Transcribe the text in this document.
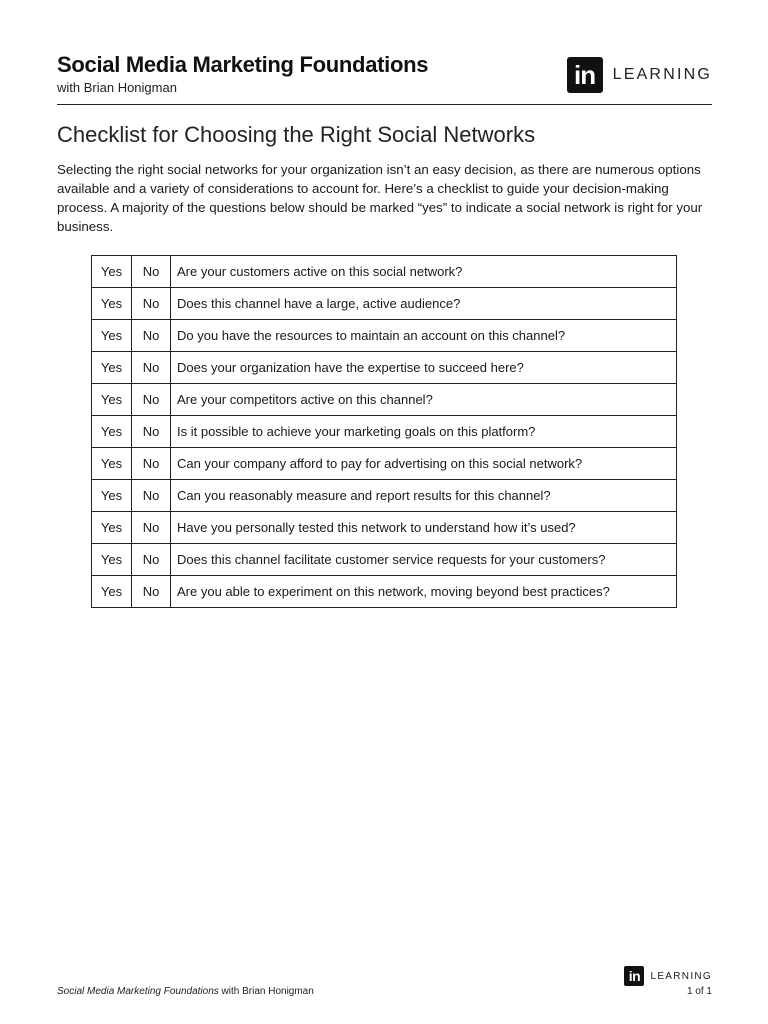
Social Media Marketing Foundations
with Brian Honigman	in	LEARNING
Checklist for Choosing the Right Social Networks
Selecting the right social networks for your organization isn’t an easy decision, as there are numerous options available and a variety of considerations to account for. Here’s a checklist to guide your decision-making process. A majority of the questions below should be marked “yes” to indicate a social network is right for your business.
Yes	No	Are your customers active on this social network?
Yes	No	Does this channel have a large, active audience?
Yes	No	Do you have the resources to maintain an account on this channel?
Yes	No	Does your organization have the expertise to succeed here?
Yes	No	Are your competitors active on this channel?
Yes	No	Is it possible to achieve your marketing goals on this platform?
Yes	No	Can your company afford to pay for advertising on this social network?
Yes	No	Can you reasonably measure and report results for this channel?
Yes	No	Have you personally tested this network to understand how it’s used?
Yes	No	Does this channel facilitate customer service requests for your customers?
Yes	No	Are you able to experiment on this network, moving beyond best practices?
Social Media Marketing Foundations with Brian Honigman
in	LEARNING
1 of 1
